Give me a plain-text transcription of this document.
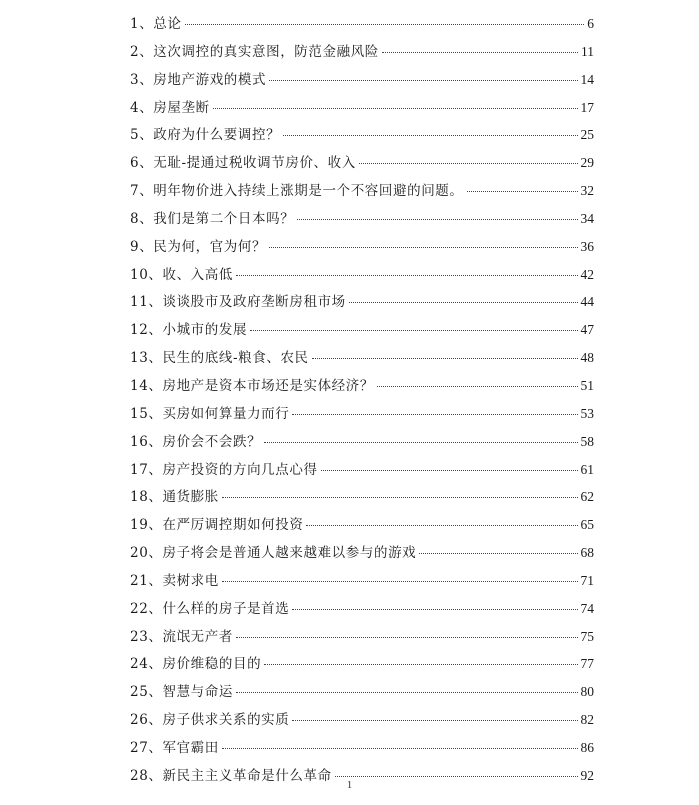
1、 总论	6
2、 这次调控的真实意图，防范金融风险	11
3、 房地产游戏的模式	14
4、 房屋垄断	17
5、 政府为什么要调控？	25
6、 无耻-提通过税收调节房价、收入	29
7、 明年物价进入持续上涨期是一个不容回避的问题。	32
8、 我们是第二个日本吗？	34
9、 民为何，官为何？	36
10、 收、入高低	42
11、 谈谈股市及政府垄断房租市场	44
12、 小城市的发展	47
13、 民生的底线-粮食、农民	48
14、 房地产是资本市场还是实体经济？	51
15、 买房如何算量力而行	53
16、 房价会不会跌？	58
17、 房产投资的方向几点心得	61
18、 通货膨胀	62
19、 在严厉调控期如何投资	65
20、 房子将会是普通人越来越难以参与的游戏	68
21、 卖树求电	71
22、 什么样的房子是首选	74
23、 流氓无产者	75
24、 房价维稳的目的	77
25、 智慧与命运	80
26、 房子供求关系的实质	82
27、 军官霸田	86
28、 新民主主义革命是什么革命	92
1
